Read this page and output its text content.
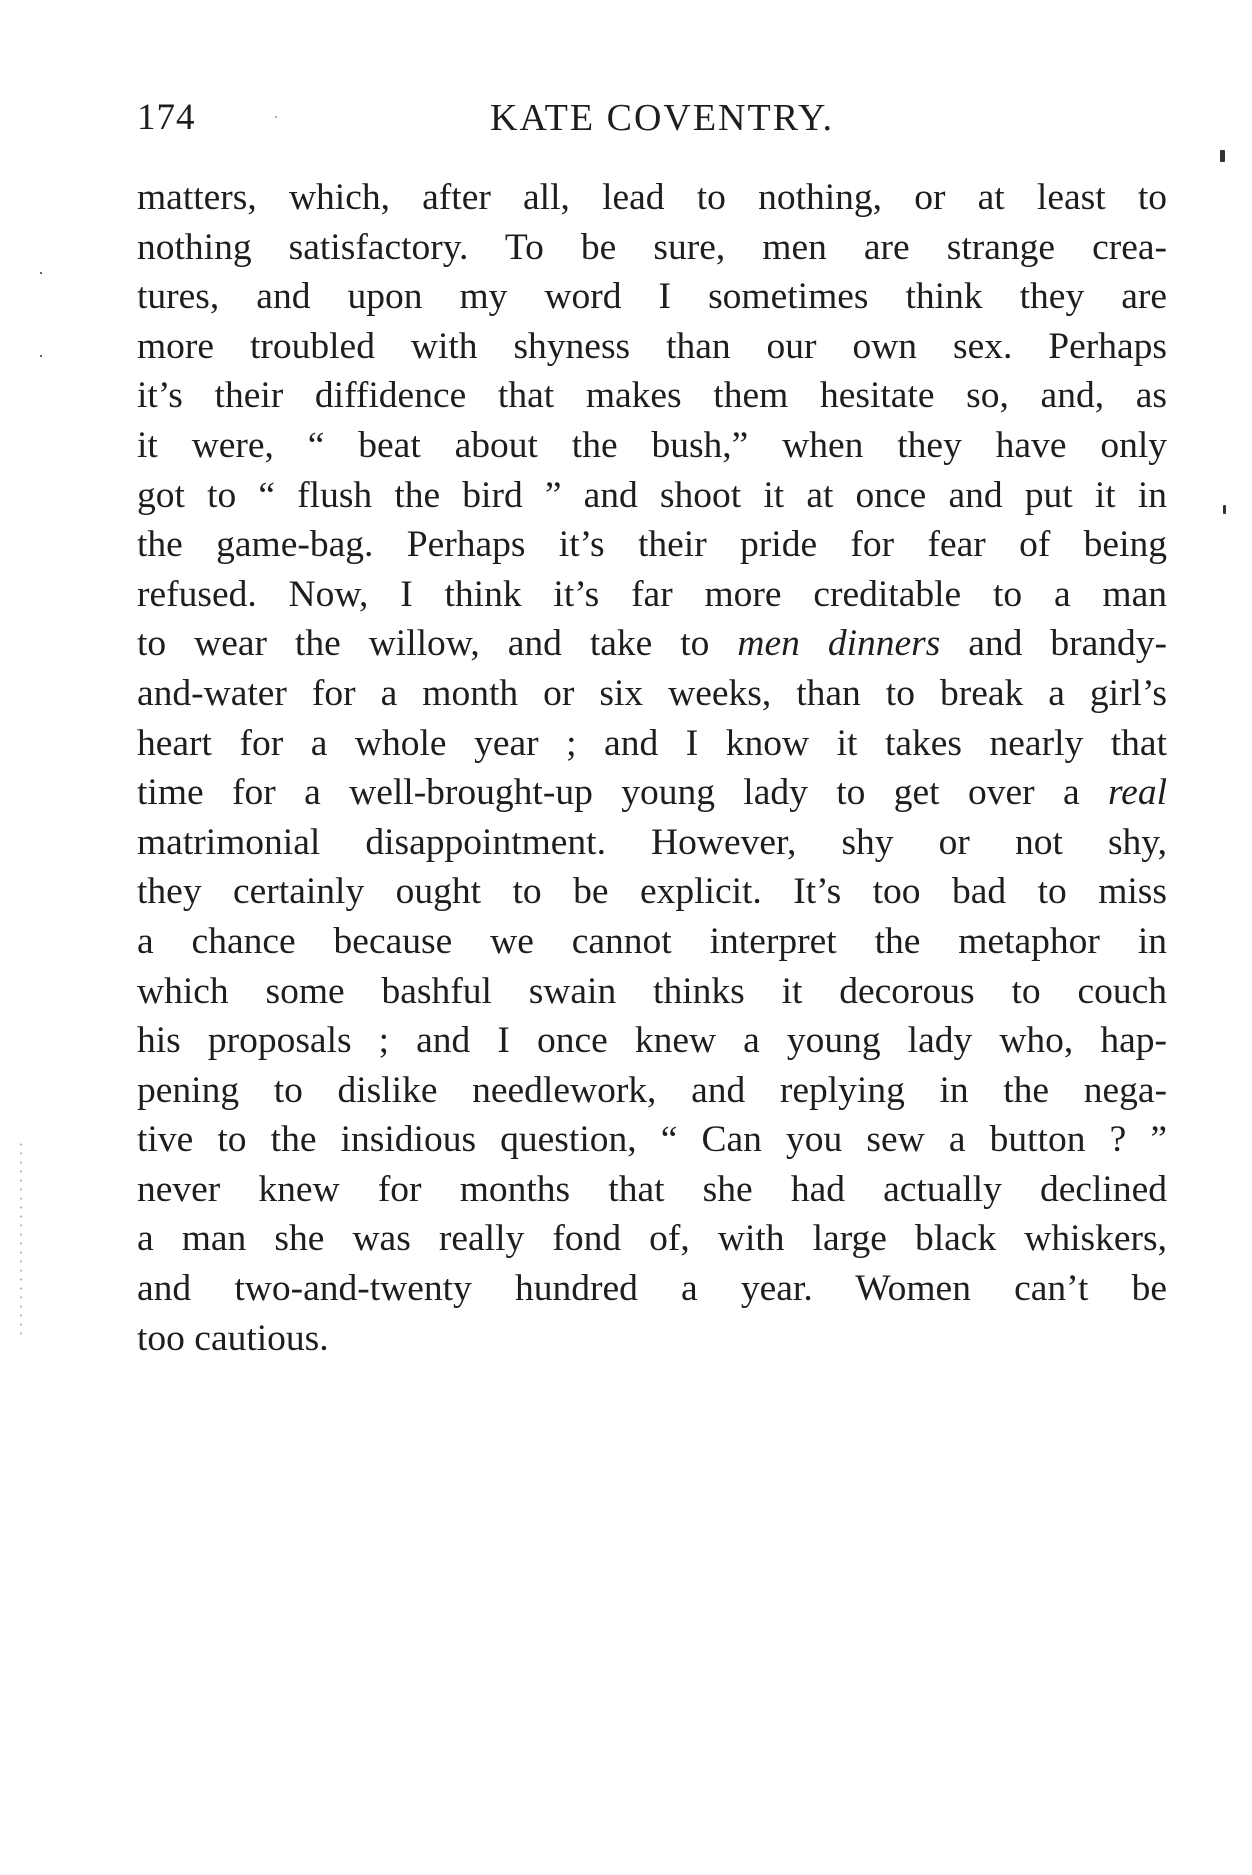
174	KATE COVENTRY.
matters, which, after all, lead to nothing, or at least to
nothing satisfactory. To be sure, men are strange crea-
tures, and upon my word I sometimes think they are
more troubled with shyness than our own sex. Perhaps
it’s their diffidence that makes them hesitate so, and, as
it were, “ beat about the bush,” when they have only
got to “ flush the bird ” and shoot it at once and put it in
the game-bag. Perhaps it’s their pride for fear of being
refused. Now, I think it’s far more creditable to a man
to wear the willow, and take to men dinners and brandy-
and-water for a month or six weeks, than to break a girl’s
heart for a whole year ; and I know it takes nearly that
time for a well-brought-up young lady to get over a real
matrimonial disappointment. However, shy or not shy,
they certainly ought to be explicit. It’s too bad to miss
a chance because we cannot interpret the metaphor in
which some bashful swain thinks it decorous to couch
his proposals ; and I once knew a young lady who, hap-
pening to dislike needlework, and replying in the nega-
tive to the insidious question, “ Can you sew a button ? ”
never knew for months that she had actually declined
a man she was really fond of, with large black whiskers,
and two-and-twenty hundred a year. Women can’t be
too cautious.
